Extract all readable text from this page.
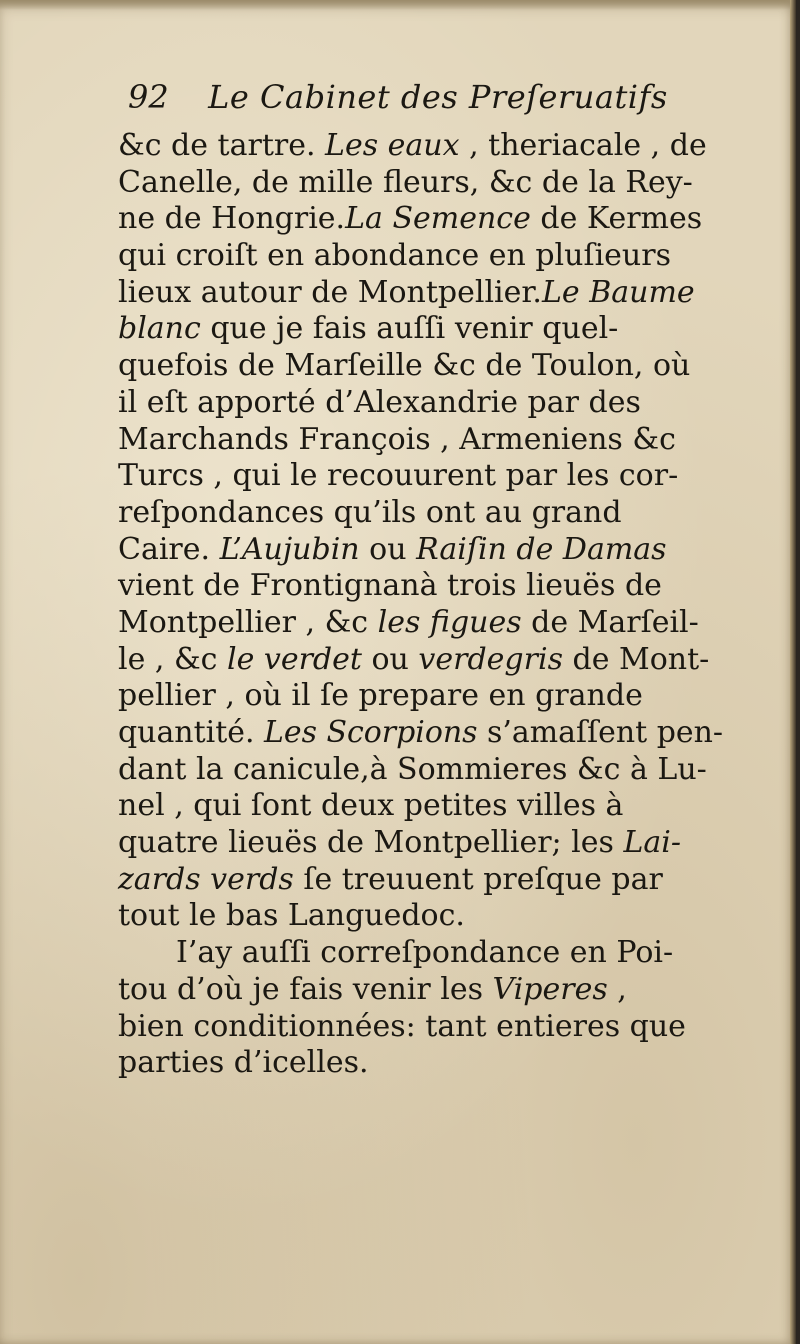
92 Le Cabinet des Preſeruatifs
&c de tartre. Les eaux , theriacale , de
Canelle, de mille fleurs, &c de la Rey-
ne de Hongrie.La Semence de Kermes
qui croiſt en abondance en pluſieurs
lieux autour de Montpellier.Le Baume
blanc que je fais auſſi venir quel-
quefois de Marſeille &c de Toulon, où
il eſt apporté d’Alexandrie par des
Marchands François , Armeniens &c
Turcs , qui le recouurent par les cor-
reſpondances qu’ils ont au grand
Caire. L’Aujubin ou Raiſin de Damas
vient de Frontignanà trois lieuës de
Montpellier , &c les figues de Marſeil-
le , &c le verdet ou verdegris de Mont-
pellier , où il ſe prepare en grande
quantité. Les Scorpions s’amaſſent pen-
dant la canicule,à Sommieres &c à Lu-
nel , qui ſont deux petites villes à
quatre lieuës de Montpellier; les Lai-
zards verds ſe treuuent preſque par
tout le bas Languedoc.
I’ay auſſi correſpondance en Poi-
tou d’où je fais venir les Viperes ,
bien conditionnées: tant entieres que
parties d’icelles.
